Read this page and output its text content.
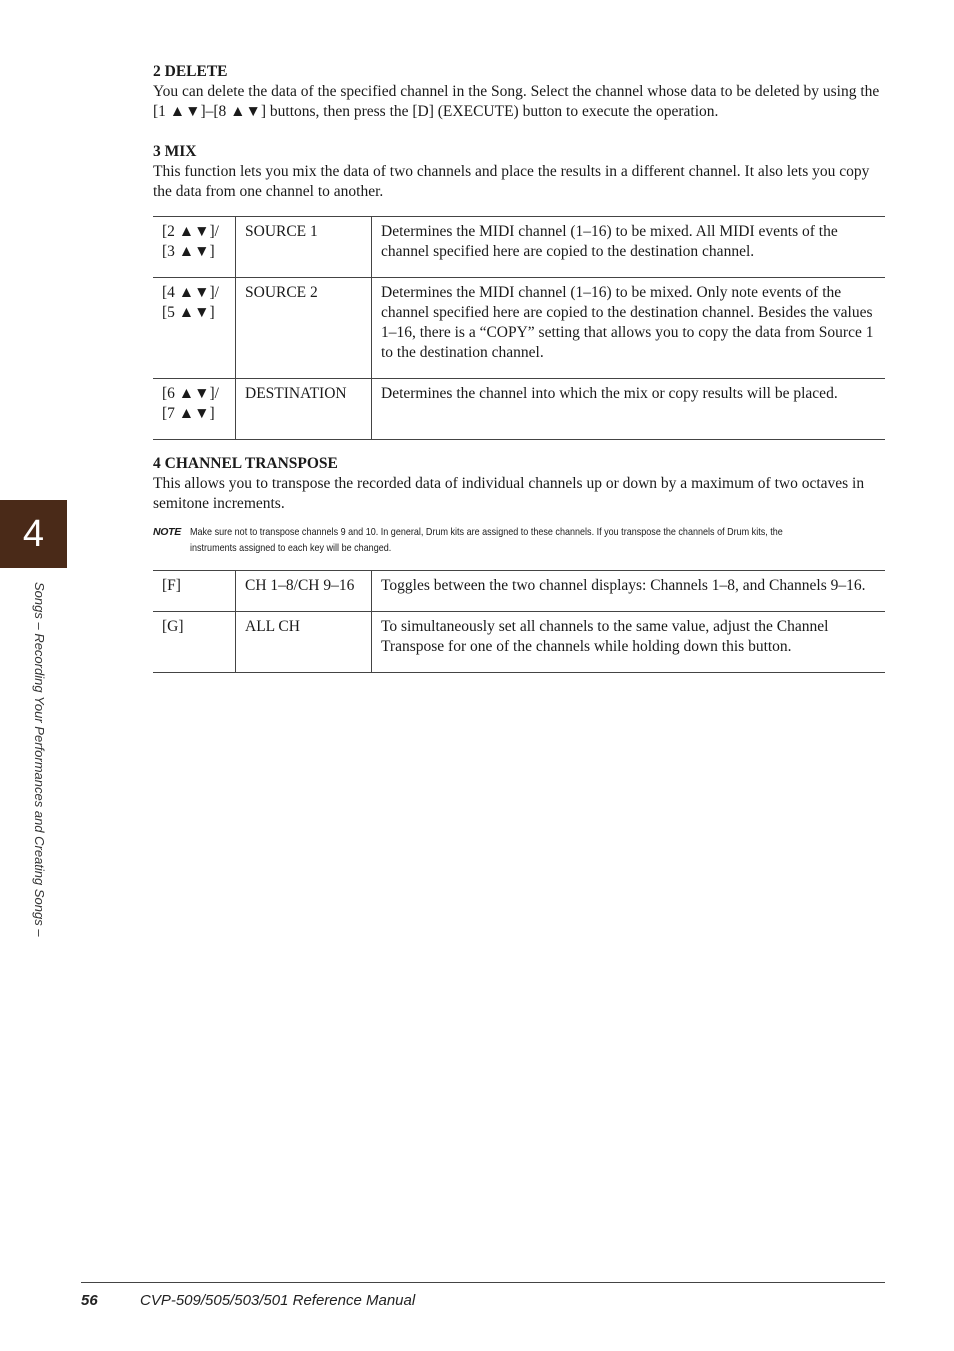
2 DELETE

You can delete the data of the specified channel in the Song. Select the channel whose data to be deleted by using the [1 ▲▼]–[8 ▲▼] buttons, then press the [D] (EXECUTE) button to execute the operation.

3 MIX

This function lets you mix the data of two channels and place the results in a different channel. It also lets you copy the data from one channel to another.

[2 ▲▼]/ [3 ▲▼]	SOURCE 1	Determines the MIDI channel (1–16) to be mixed. All MIDI events of the channel specified here are copied to the destination channel.
[4 ▲▼]/ [5 ▲▼]	SOURCE 2	Determines the MIDI channel (1–16) to be mixed. Only note events of the channel specified here are copied to the destination channel. Besides the values 1–16, there is a “COPY” setting that allows you to copy the data from Source 1 to the destination channel.
[6 ▲▼]/ [7 ▲▼]	DESTINATION	Determines the channel into which the mix or copy results will be placed.

4 CHANNEL TRANSPOSE

This allows you to transpose the recorded data of individual channels up or down by a maximum of two octaves in semitone increments.

NOTE Make sure not to transpose channels 9 and 10. In general, Drum kits are assigned to these channels. If you transpose the channels of Drum kits, the instruments assigned to each key will be changed.
[F]	CH 1–8/CH 9–16	Toggles between the two channel displays: Channels 1–8, and Channels 9–16.
[G]	ALL CH	To simultaneously set all channels to the same value, adjust the Channel Transpose for one of the channels while holding down this button.
4
Songs – Recording Your Performances and Creating Songs –
56	CVP-509/505/503/501 Reference Manual
